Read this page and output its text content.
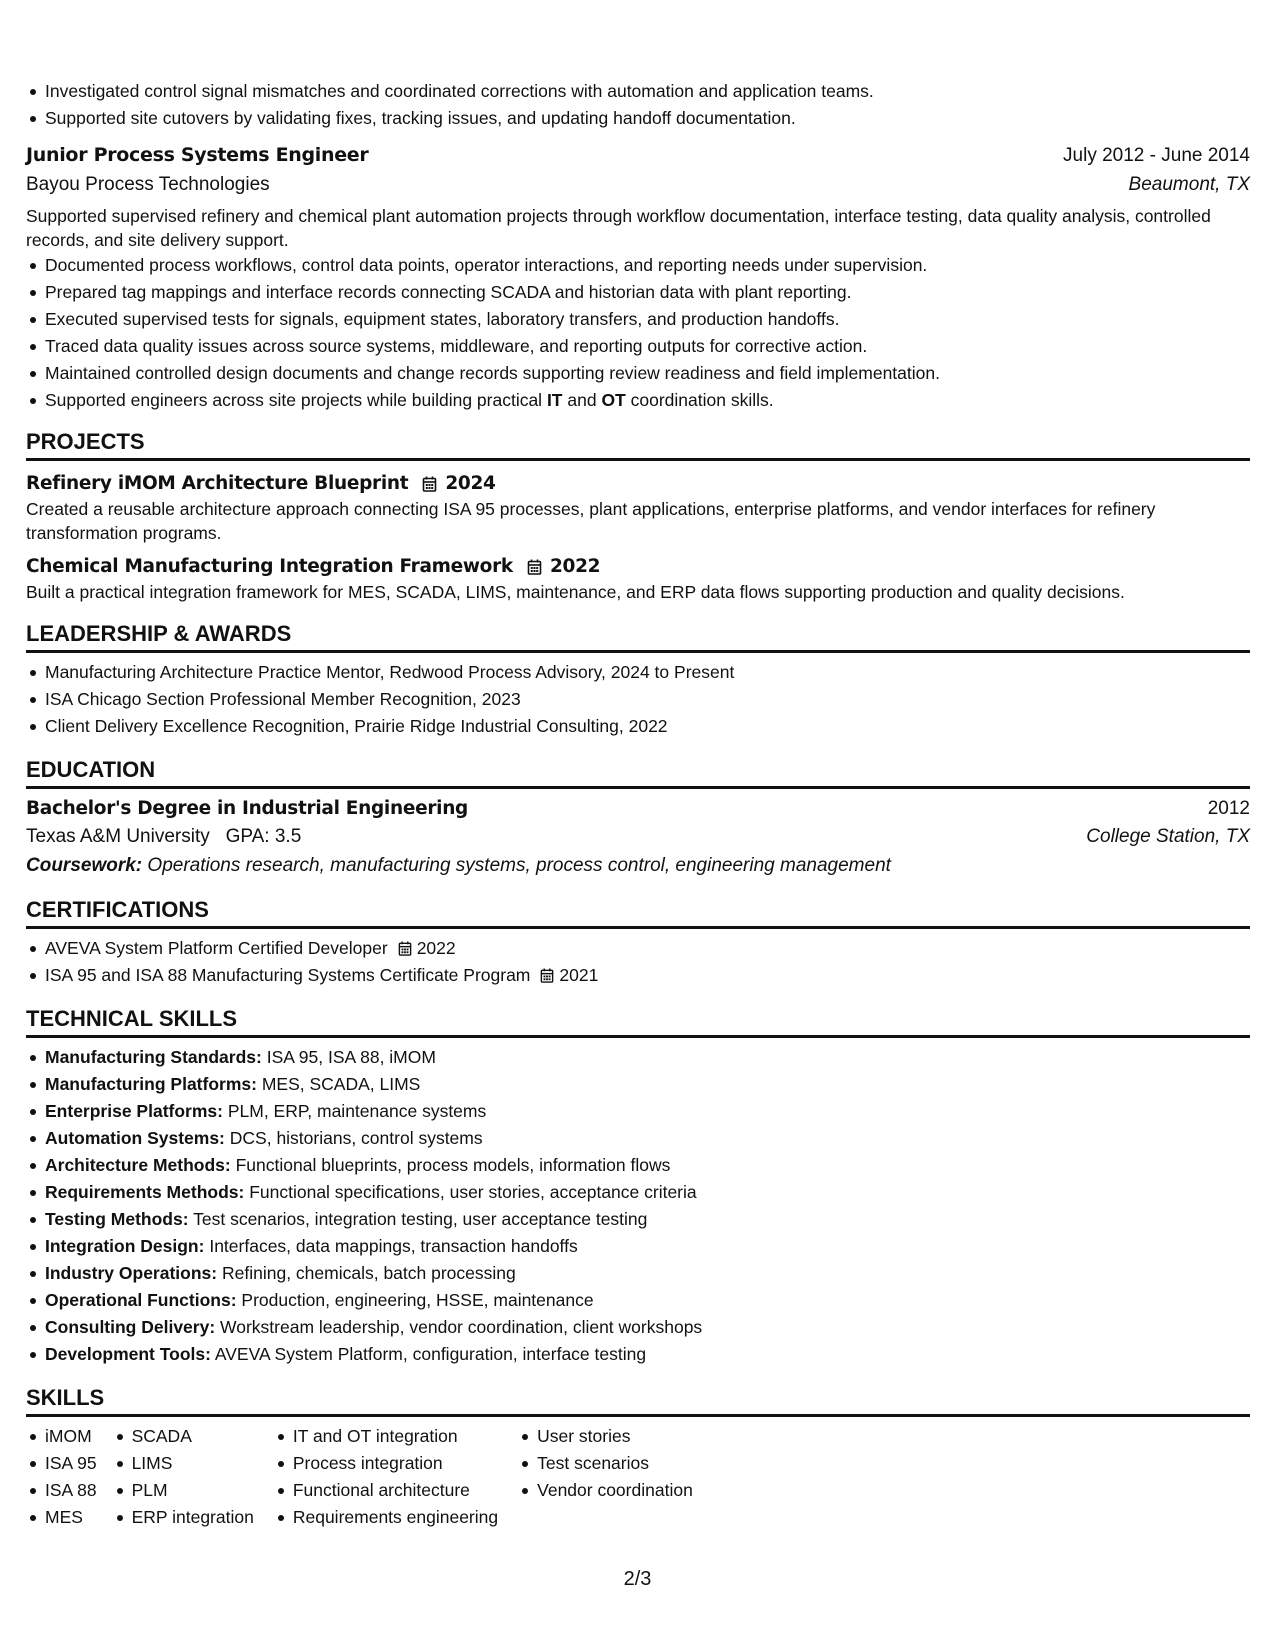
Investigated control signal mismatches and coordinated corrections with automation and application teams.
Supported site cutovers by validating fixes, tracking issues, and updating handoff documentation.
Junior Process Systems Engineer	July 2012 - June 2014
Bayou Process Technologies	Beaumont, TX
Supported supervised refinery and chemical plant automation projects through workflow documentation, interface testing, data quality analysis, controlled records, and site delivery support.
Documented process workflows, control data points, operator interactions, and reporting needs under supervision.
Prepared tag mappings and interface records connecting SCADA and historian data with plant reporting.
Executed supervised tests for signals, equipment states, laboratory transfers, and production handoffs.
Traced data quality issues across source systems, middleware, and reporting outputs for corrective action.
Maintained controlled design documents and change records supporting review readiness and field implementation.
Supported engineers across site projects while building practical IT and OT coordination skills.
PROJECTS
Refinery iMOM Architecture Blueprint 2024
Created a reusable architecture approach connecting ISA 95 processes, plant applications, enterprise platforms, and vendor interfaces for refinery transformation programs.
Chemical Manufacturing Integration Framework 2022
Built a practical integration framework for MES, SCADA, LIMS, maintenance, and ERP data flows supporting production and quality decisions.
LEADERSHIP & AWARDS
Manufacturing Architecture Practice Mentor, Redwood Process Advisory, 2024 to Present
ISA Chicago Section Professional Member Recognition, 2023
Client Delivery Excellence Recognition, Prairie Ridge Industrial Consulting, 2022
EDUCATION
Bachelor's Degree in Industrial Engineering	2012
Texas A&M University GPA: 3.5	College Station, TX
Coursework: Operations research, manufacturing systems, process control, engineering management
CERTIFICATIONS
AVEVA System Platform Certified Developer 2022
ISA 95 and ISA 88 Manufacturing Systems Certificate Program 2021
TECHNICAL SKILLS
Manufacturing Standards: ISA 95, ISA 88, iMOM
Manufacturing Platforms: MES, SCADA, LIMS
Enterprise Platforms: PLM, ERP, maintenance systems
Automation Systems: DCS, historians, control systems
Architecture Methods: Functional blueprints, process models, information flows
Requirements Methods: Functional specifications, user stories, acceptance criteria
Testing Methods: Test scenarios, integration testing, user acceptance testing
Integration Design: Interfaces, data mappings, transaction handoffs
Industry Operations: Refining, chemicals, batch processing
Operational Functions: Production, engineering, HSSE, maintenance
Consulting Delivery: Workstream leadership, vendor coordination, client workshops
Development Tools: AVEVA System Platform, configuration, interface testing
SKILLS
iMOM
ISA 95
ISA 88
MES
SCADA
LIMS
PLM
ERP integration
IT and OT integration
Process integration
Functional architecture
Requirements engineering
User stories
Test scenarios
Vendor coordination
2/3
